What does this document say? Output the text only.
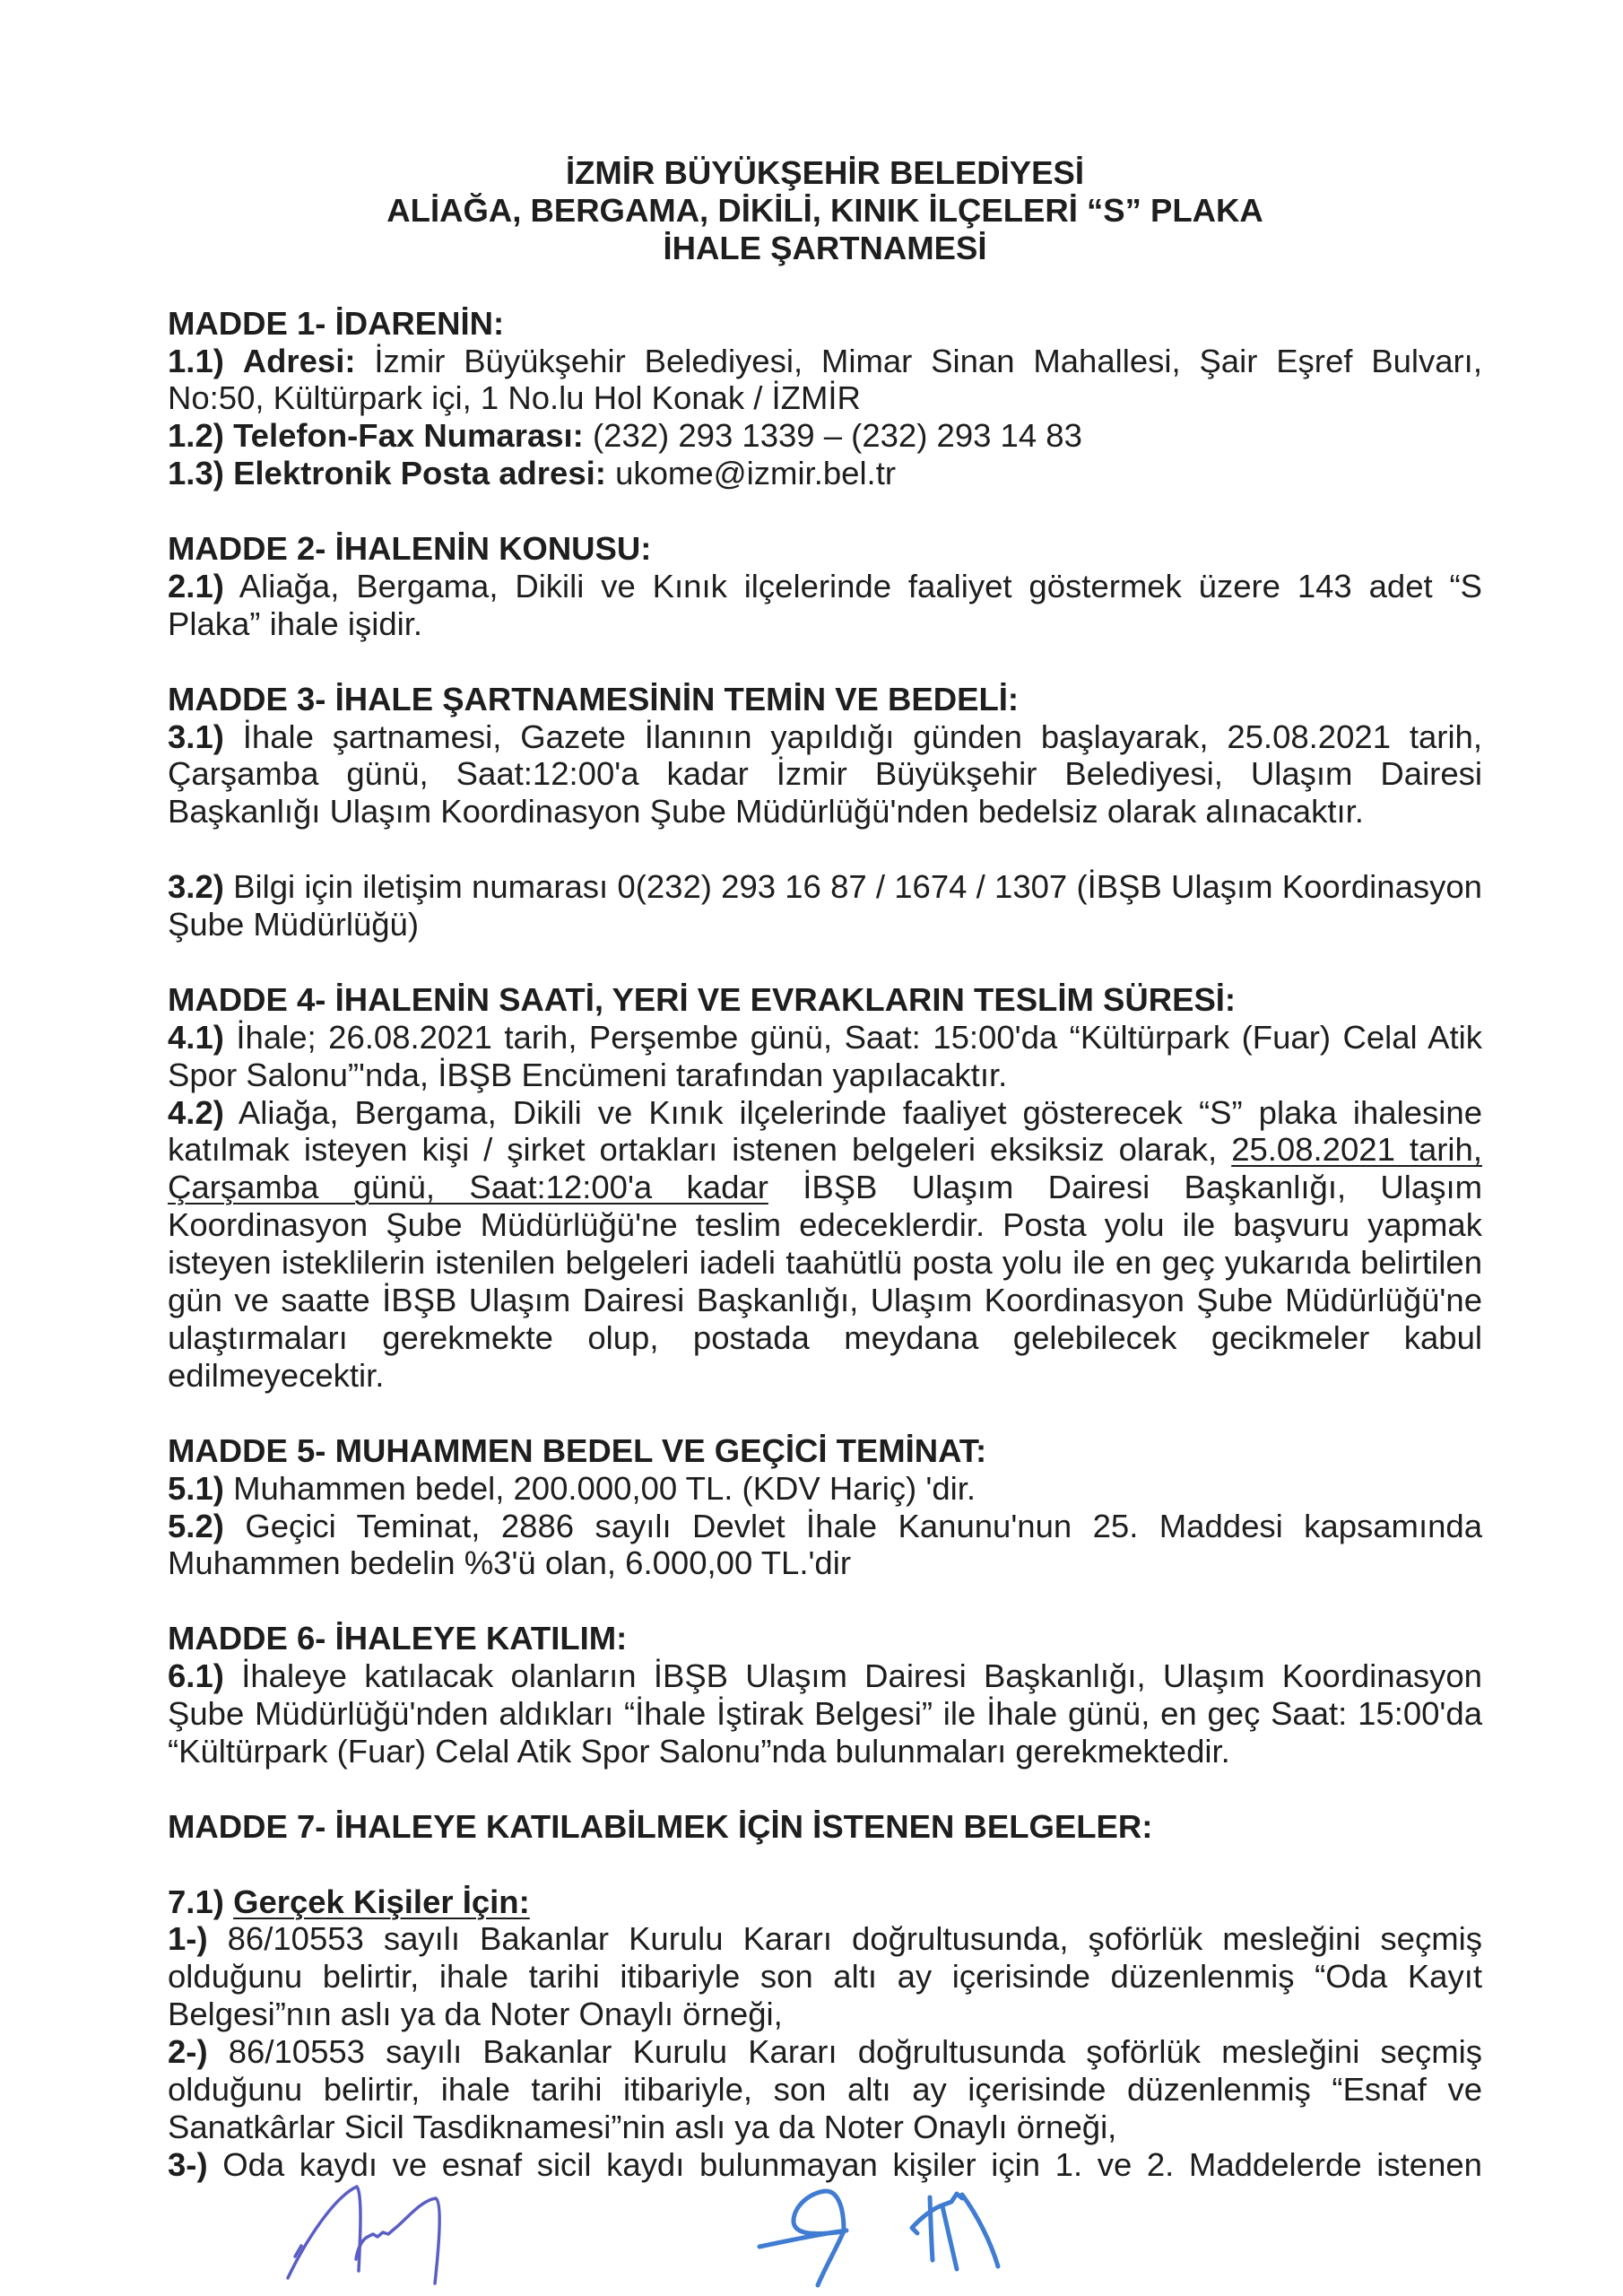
İZMİR BÜYÜKŞEHİR BELEDİYESİ
ALİAĞA, BERGAMA, DİKİLİ, KINIK İLÇELERİ “S” PLAKA
İHALE ŞARTNAMESİ
MADDE 1- İDARENİN:

1.1) Adresi: İzmir Büyükşehir Belediyesi, Mimar Sinan Mahallesi, Şair Eşref Bulvarı, No:50, Kültürpark içi, 1 No.lu Hol Konak / İZMİR

1.2) Telefon-Fax Numarası: (232) 293 1339 – (232) 293 14 83

1.3) Elektronik Posta adresi: ukome@izmir.bel.tr

MADDE 2- İHALENİN KONUSU:

2.1) Aliağa, Bergama, Dikili ve Kınık ilçelerinde faaliyet göstermek üzere 143 adet “S Plaka” ihale işidir.

MADDE 3- İHALE ŞARTNAMESİNİN TEMİN VE BEDELİ:

3.1) İhale şartnamesi, Gazete İlanının yapıldığı günden başlayarak, 25.08.2021 tarih, Çarşamba günü, Saat:12:00'a kadar İzmir Büyükşehir Belediyesi, Ulaşım Dairesi Başkanlığı Ulaşım Koordinasyon Şube Müdürlüğü'nden bedelsiz olarak alınacaktır.

3.2) Bilgi için iletişim numarası 0(232) 293 16 87 / 1674 / 1307 (İBŞB Ulaşım Koordinasyon Şube Müdürlüğü)

MADDE 4- İHALENİN SAATİ, YERİ VE EVRAKLARIN TESLİM SÜRESİ:

4.1) İhale; 26.08.2021 tarih, Perşembe günü, Saat: 15:00'da “Kültürpark (Fuar) Celal Atik Spor Salonu”'nda, İBŞB Encümeni tarafından yapılacaktır.

4.2) Aliağa, Bergama, Dikili ve Kınık ilçelerinde faaliyet gösterecek “S” plaka ihalesine katılmak isteyen kişi / şirket ortakları istenen belgeleri eksiksiz olarak, 25.08.2021 tarih, Çarşamba günü, Saat:12:00'a kadar İBŞB Ulaşım Dairesi Başkanlığı, Ulaşım Koordinasyon Şube Müdürlüğü'ne teslim edeceklerdir. Posta yolu ile başvuru yapmak isteyen isteklilerin istenilen belgeleri iadeli taahütlü posta yolu ile en geç yukarıda belirtilen gün ve saatte İBŞB Ulaşım Dairesi Başkanlığı, Ulaşım Koordinasyon Şube Müdürlüğü'ne ulaştırmaları gerekmekte olup, postada meydana gelebilecek gecikmeler kabul edilmeyecektir.

MADDE 5- MUHAMMEN BEDEL VE GEÇİCİ TEMİNAT:

5.1) Muhammen bedel, 200.000,00 TL. (KDV Hariç) 'dir.

5.2) Geçici Teminat, 2886 sayılı Devlet İhale Kanunu'nun 25. Maddesi kapsamında Muhammen bedelin %3'ü olan, 6.000,00 TL.'dir

MADDE 6- İHALEYE KATILIM:

6.1) İhaleye katılacak olanların İBŞB Ulaşım Dairesi Başkanlığı, Ulaşım Koordinasyon Şube Müdürlüğü'nden aldıkları “İhale İştirak Belgesi” ile İhale günü, en geç Saat: 15:00'da “Kültürpark (Fuar) Celal Atik Spor Salonu”nda bulunmaları gerekmektedir.

MADDE 7- İHALEYE KATILABİLMEK İÇİN İSTENEN BELGELER:

7.1) Gerçek Kişiler İçin:

1-) 86/10553 sayılı Bakanlar Kurulu Kararı doğrultusunda, şoförlük mesleğini seçmiş olduğunu belirtir, ihale tarihi itibariyle son altı ay içerisinde düzenlenmiş “Oda Kayıt Belgesi”nın aslı ya da Noter Onaylı örneği,

2-) 86/10553 sayılı Bakanlar Kurulu Kararı doğrultusunda şoförlük mesleğini seçmiş olduğunu belirtir, ihale tarihi itibariyle, son altı ay içerisinde düzenlenmiş “Esnaf ve Sanatkârlar Sicil Tasdiknamesi”nin aslı ya da Noter Onaylı örneği,

3-) Oda kaydı ve esnaf sicil kaydı bulunmayan kişiler için 1. ve 2. Maddelerde istenen
